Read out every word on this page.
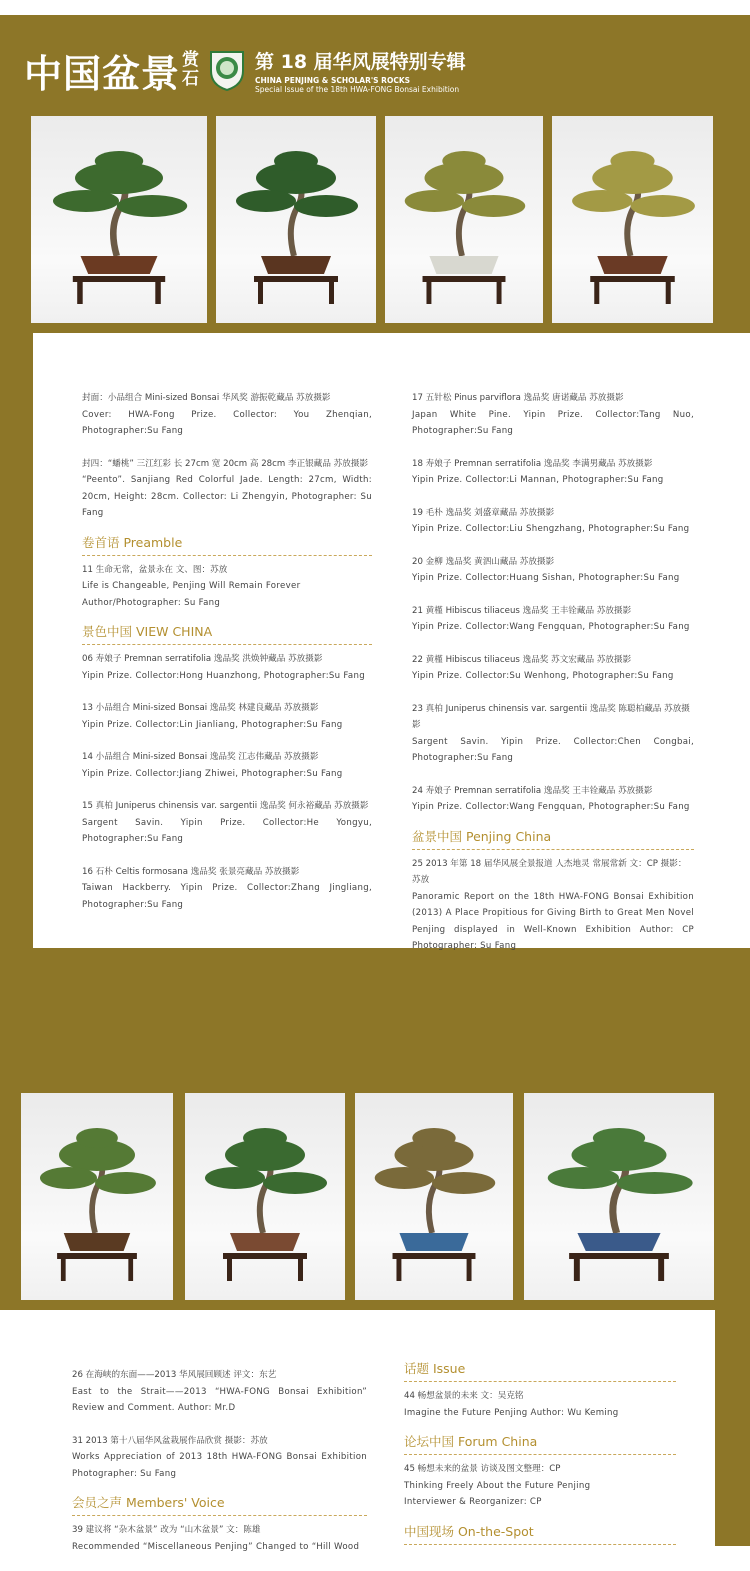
中国盆景 赏
石
第 18 届华风展特别专辑
CHINA PENJING & SCHOLAR'S ROCKS
Special Issue of the 18th HWA-FONG Bonsai Exhibition
封面：小品组合 Mini-sized Bonsai 华风奖 游振乾藏品 苏放摄影
Cover: HWA-Fong Prize. Collector: You Zhenqian, Photographer:Su Fang
封四：“蟠桃” 三江红彩 长 27cm 宽 20cm 高 28cm 李正银藏品 苏放摄影
“Peento”. Sanjiang Red Colorful Jade. Length: 27cm, Width: 20cm, Height: 28cm. Collector: Li Zhengyin, Photographer: Su Fang
卷首语 Preamble
11 生命无常，盆景永在 文、图：苏放
Life is Changeable, Penjing Will Remain Forever
Author/Photographer: Su Fang
景色中国 VIEW CHINA
06 寿娘子 Premnan serratifolia 逸品奖 洪焕钟藏品 苏放摄影
Yipin Prize. Collector:Hong Huanzhong, Photographer:Su Fang
13 小品组合 Mini-sized Bonsai 逸品奖 林建良藏品 苏放摄影
Yipin Prize. Collector:Lin Jianliang, Photographer:Su Fang
14 小品组合 Mini-sized Bonsai 逸品奖 江志伟藏品 苏放摄影
Yipin Prize. Collector:Jiang Zhiwei, Photographer:Su Fang
15 真柏 Juniperus chinensis var. sargentii 逸品奖 何永裕藏品 苏放摄影
Sargent Savin. Yipin Prize. Collector:He Yongyu, Photographer:Su Fang
16 石朴 Celtis formosana 逸品奖 张景亮藏品 苏放摄影
Taiwan Hackberry. Yipin Prize. Collector:Zhang Jingliang, Photographer:Su Fang
17 五针松 Pinus parviflora 逸品奖 唐诺藏品 苏放摄影
Japan White Pine. Yipin Prize. Collector:Tang Nuo, Photographer:Su Fang
18 寿娘子 Premnan serratifolia 逸品奖 李满男藏品 苏放摄影
Yipin Prize. Collector:Li Mannan, Photographer:Su Fang
19 毛朴 逸品奖 刘盛章藏品 苏放摄影
Yipin Prize. Collector:Liu Shengzhang, Photographer:Su Fang
20 金柳 逸品奖 黄泗山藏品 苏放摄影
Yipin Prize. Collector:Huang Sishan, Photographer:Su Fang
21 黄槿 Hibiscus tiliaceus 逸品奖 王丰铨藏品 苏放摄影
Yipin Prize. Collector:Wang Fengquan, Photographer:Su Fang
22 黄槿 Hibiscus tiliaceus 逸品奖 苏文宏藏品 苏放摄影
Yipin Prize. Collector:Su Wenhong, Photographer:Su Fang
23 真柏 Juniperus chinensis var. sargentii 逸品奖 陈聪柏藏品 苏放摄影
Sargent Savin. Yipin Prize. Collector:Chen Congbai, Photographer:Su Fang
24 寿娘子 Premnan serratifolia 逸品奖 王丰铨藏品 苏放摄影
Yipin Prize. Collector:Wang Fengquan, Photographer:Su Fang
盆景中国 Penjing China
25 2013 年第 18 届华风展全景报道 人杰地灵 常展常新 文：CP 摄影：苏放
Panoramic Report on the 18th HWA-FONG Bonsai Exhibition (2013) A Place Propitious for Giving Birth to Great Men Novel Penjing displayed in Well-Known Exhibition Author: CP Photographer: Su Fang
26 在海峡的东面——2013 华风展回顾述 评文：东艺
East to the Strait——2013 “HWA-FONG Bonsai Exhibition” Review and Comment. Author: Mr.D
31 2013 第十八届华风盆栽展作品欣赏 摄影：苏放
Works Appreciation of 2013 18th HWA-FONG Bonsai Exhibition Photographer: Su Fang
会员之声 Members' Voice
39 建议将 “杂木盆景” 改为 “山木盆景” 文：陈雄
Recommended “Miscellaneous Penjing” Changed to “Hill Wood
话题 Issue
44 畅想盆景的未来 文：吴克铭
Imagine the Future Penjing Author: Wu Keming
论坛中国 Forum China
45 畅想未来的盆景 访谈及图文整理：CP
Thinking Freely About the Future Penjing
Interviewer & Reorganizer: CP
中国现场 On-the-Spot
